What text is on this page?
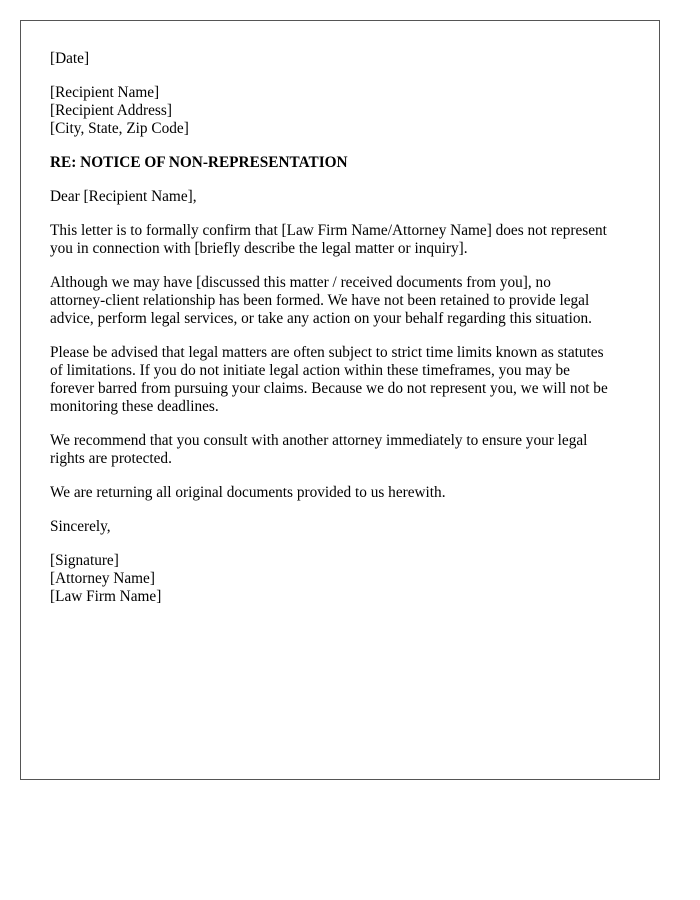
[Date]
[Recipient Name]
[Recipient Address]
[City, State, Zip Code]
RE: NOTICE OF NON-REPRESENTATION
Dear [Recipient Name],
This letter is to formally confirm that [Law Firm Name/Attorney Name] does not represent
you in connection with [briefly describe the legal matter or inquiry].
Although we may have [discussed this matter / received documents from you], no
attorney-client relationship has been formed. We have not been retained to provide legal
advice, perform legal services, or take any action on your behalf regarding this situation.
Please be advised that legal matters are often subject to strict time limits known as statutes
of limitations. If you do not initiate legal action within these timeframes, you may be
forever barred from pursuing your claims. Because we do not represent you, we will not be
monitoring these deadlines.
We recommend that you consult with another attorney immediately to ensure your legal
rights are protected.
We are returning all original documents provided to us herewith.
Sincerely,
[Signature]
[Attorney Name]
[Law Firm Name]
